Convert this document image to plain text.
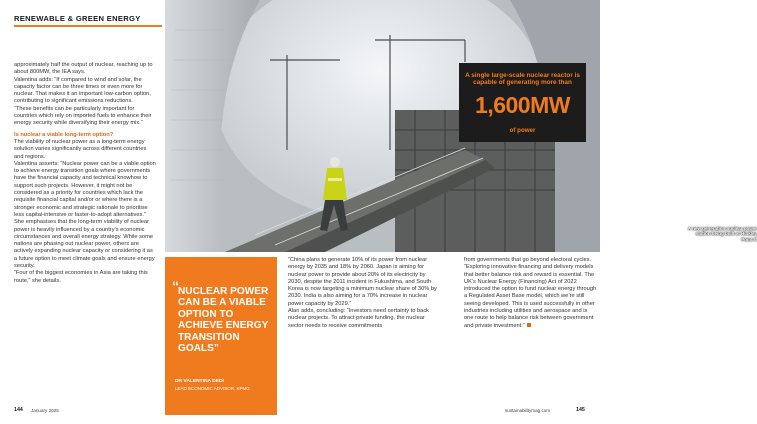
RENEWABLE & GREEN ENERGY

approximately half the output of nuclear, reaching up to about 800MW, the IEA says.

Valentina adds: “If compared to wind and solar, the capacity factor can be three times or even more for nuclear. That makes it an important low-carbon option, contributing to significant emissions reductions.

“These benefits can be particularly important for countries which rely on imported fuels to enhance their energy security while diversifying their energy mix.”

Is nuclear a viable long-term option?

The viability of nuclear power as a long-term energy solution varies significantly across different countries and regions.

Valentina asserts: “Nuclear power can be a viable option to achieve energy transition goals where governments have the financial capacity and technical knowhow to support such projects. However, it might not be considered as a priority for countries which lack the requisite financial capital and/or or where there is a stronger economic and strategic rationale to prioritise less capital-intensive or faster-to-adopt alternatives.”

She emphasises that the long-term viability of nuclear power is heavily influenced by a country’s economic circumstances and overall energy strategy. While some nations are phasing out nuclear power, others are actively expanding nuclear capacity or considering it as a future option to meet climate goals and ensure energy security.

“Four of the biggest economies in Asia are taking this route,” she details.

A new generation nuclear power station being built at Hinkley Point C
A single large-scale nuclear reactor is capable of generating more than
1,600MW
of power
“ NUCLEAR POWER CAN BE A VIABLE OPTION TO ACHIEVE ENERGY TRANSITION GOALS”
DR VALENTINA DEDI
LEAD ECONOMIC ADVISOR, KPMG

“China plans to generate 10% of its power from nuclear energy by 2035 and 18% by 2060. Japan is aiming for nuclear power to provide about 20% of its electricity by 2030, despite the 2011 incident in Fukushima, and South Korea is now targeting a minimum nuclear share of 30% by 2030. India is also aiming for a 70% increase in nuclear power capacity by 2029.”

Alan adds, concluding: “Investors need certainty to back nuclear projects. To attract private funding, the nuclear sector needs to receive commitments

from governments that go beyond electoral cycles.

“Exploring innovative financing and delivery models that better balance risk and reward is essential. The UK’s Nuclear Energy (Financing) Act of 2022 introduced the option to fund nuclear energy through a Regulated Asset Base model, which we’re still seeing developed. This is used successfully in other industries including utilities and aerospace and is one route to help balance risk between government and private investment.”

144 January 2025	sustainabilitymag.com	145
